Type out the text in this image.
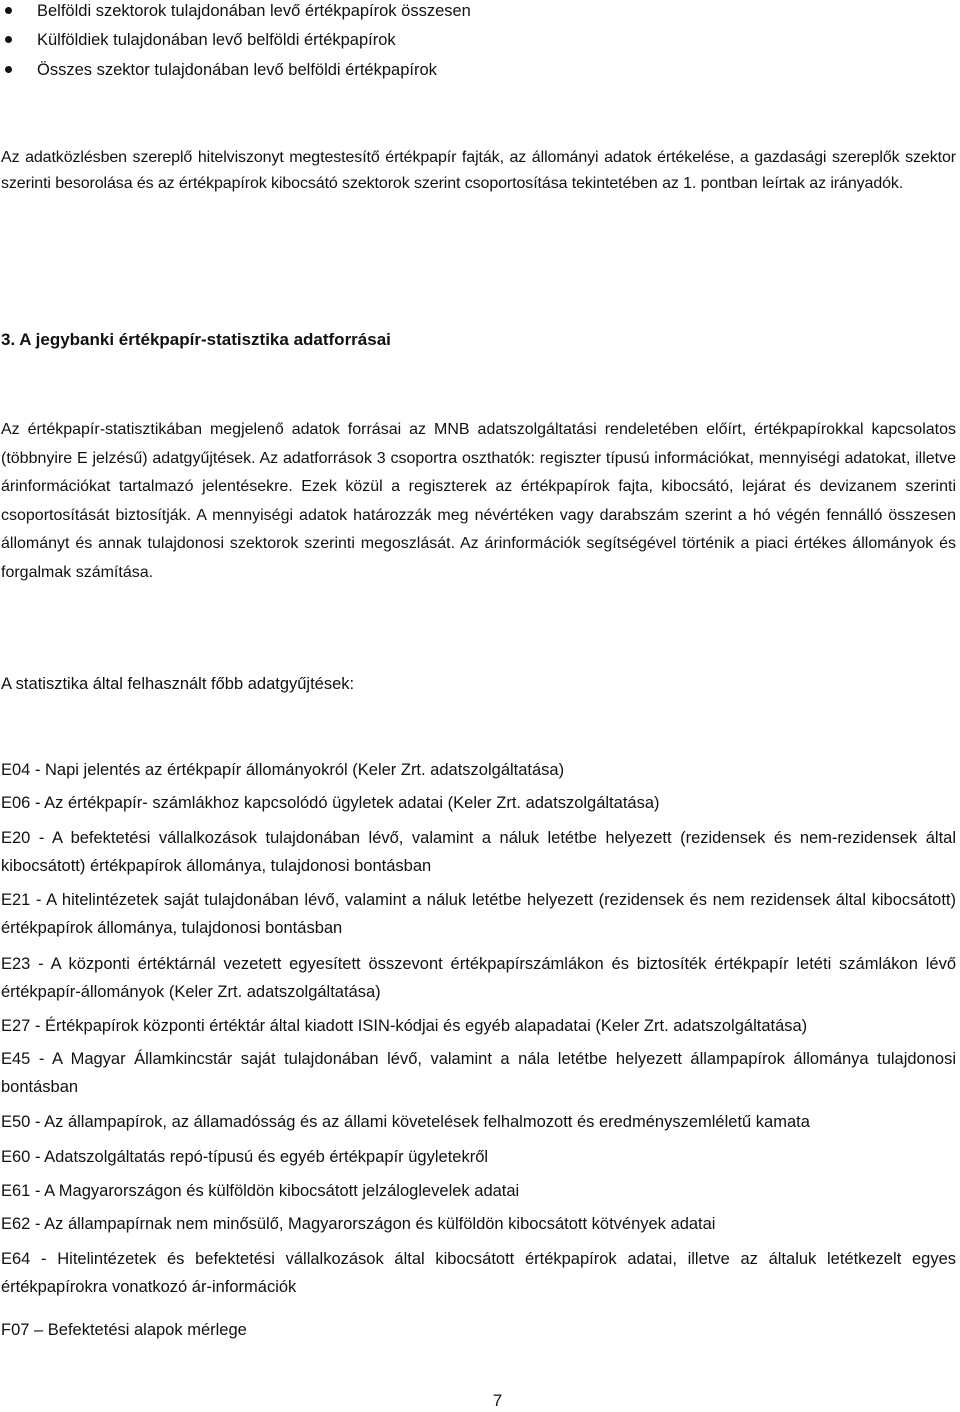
Belföldi szektorok tulajdonában levő értékpapírok összesen
Külföldiek tulajdonában levő belföldi értékpapírok
Összes szektor tulajdonában levő belföldi értékpapírok

Az adatközlésben szereplő hitelviszonyt megtestesítő értékpapír fajták, az állományi adatok értékelése, a gazdasági szereplők szektor szerinti besorolása és az értékpapírok kibocsátó szektorok szerint csoportosítása tekintetében az 1. pontban leírtak az irányadók.

3. A jegybanki értékpapír-statisztika adatforrásai

Az értékpapír-statisztikában megjelenő adatok forrásai az MNB adatszolgáltatási rendeletében előírt, értékpapírokkal kapcsolatos (többnyire E jelzésű) adatgyűjtések. Az adatforrások 3 csoportra oszthatók: regiszter típusú információkat, mennyiségi adatokat, illetve árinformációkat tartalmazó jelentésekre. Ezek közül a regiszterek az értékpapírok fajta, kibocsátó, lejárat és devizanem szerinti csoportosítását biztosítják. A mennyiségi adatok határozzák meg névértéken vagy darabszám szerint a hó végén fennálló összesen állományt és annak tulajdonosi szektorok szerinti megoszlását. Az árinformációk segítségével történik a piaci értékes állományok és forgalmak számítása.

A statisztika által felhasznált főbb adatgyűjtések:

E04 - Napi jelentés az értékpapír állományokról (Keler Zrt. adatszolgáltatása)

E06 - Az értékpapír- számlákhoz kapcsolódó ügyletek adatai (Keler Zrt. adatszolgáltatása)

E20 - A befektetési vállalkozások tulajdonában lévő, valamint a náluk letétbe helyezett (rezidensek és nem-rezidensek által kibocsátott) értékpapírok állománya, tulajdonosi bontásban

E21 - A hitelintézetek saját tulajdonában lévő, valamint a náluk letétbe helyezett (rezidensek és nem rezidensek által kibocsátott) értékpapírok állománya, tulajdonosi bontásban

E23 - A központi értéktárnál vezetett egyesített összevont értékpapírszámlákon és biztosíték értékpapír letéti számlákon lévő értékpapír-állományok (Keler Zrt. adatszolgáltatása)

E27 - Értékpapírok központi értéktár által kiadott ISIN-kódjai és egyéb alapadatai (Keler Zrt. adatszolgáltatása)

E45 - A Magyar Államkincstár saját tulajdonában lévő, valamint a nála letétbe helyezett állampapírok állománya tulajdonosi bontásban

E50 - Az állampapírok, az államadósság és az állami követelések felhalmozott és eredményszemléletű kamata

E60 - Adatszolgáltatás repó-típusú és egyéb értékpapír ügyletekről

E61 - A Magyarországon és külföldön kibocsátott jelzáloglevelek adatai

E62 - Az állampapírnak nem minősülő, Magyarországon és külföldön kibocsátott kötvények adatai

E64 - Hitelintézetek és befektetési vállalkozások által kibocsátott értékpapírok adatai, illetve az általuk letétkezelt egyes értékpapírokra vonatkozó ár-információk

F07 – Befektetési alapok mérlege

7
